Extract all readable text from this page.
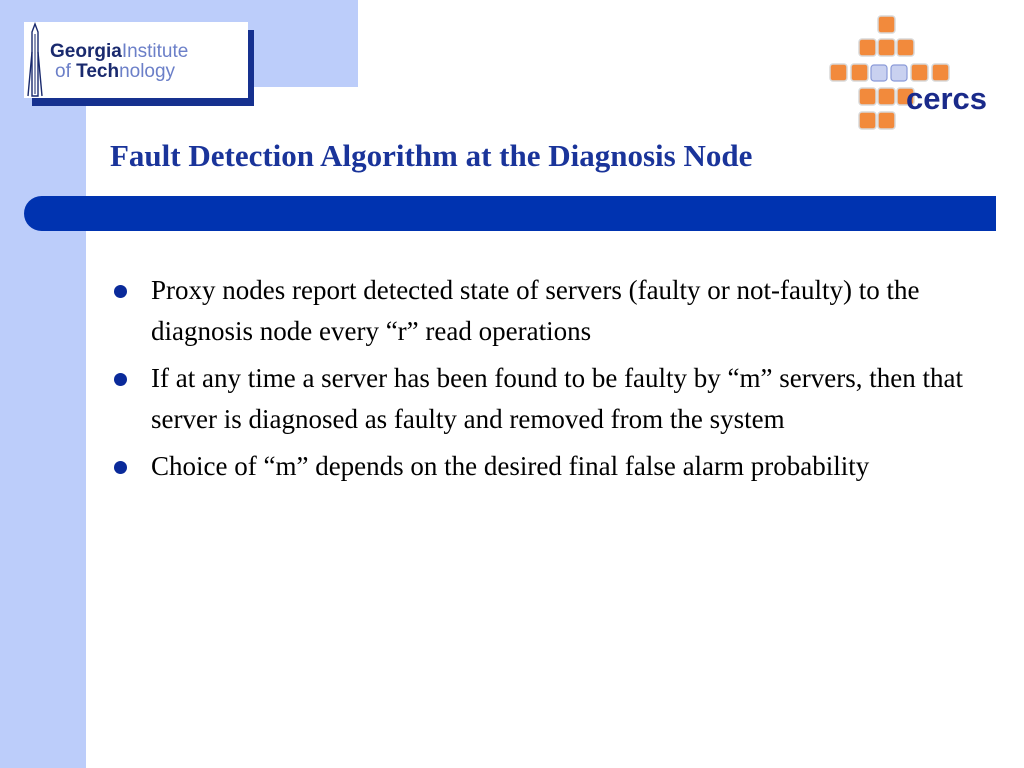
GeorgiaInstitute
of Technology
cercs
Fault Detection Algorithm at the Diagnosis Node
Proxy nodes report detected state of servers (faulty or not-faulty) to the diagnosis node every “r” read operations
If at any time a server has been found to be faulty by “m” servers, then that server is diagnosed as faulty and removed from the system
Choice of “m” depends on the desired final false alarm probability
